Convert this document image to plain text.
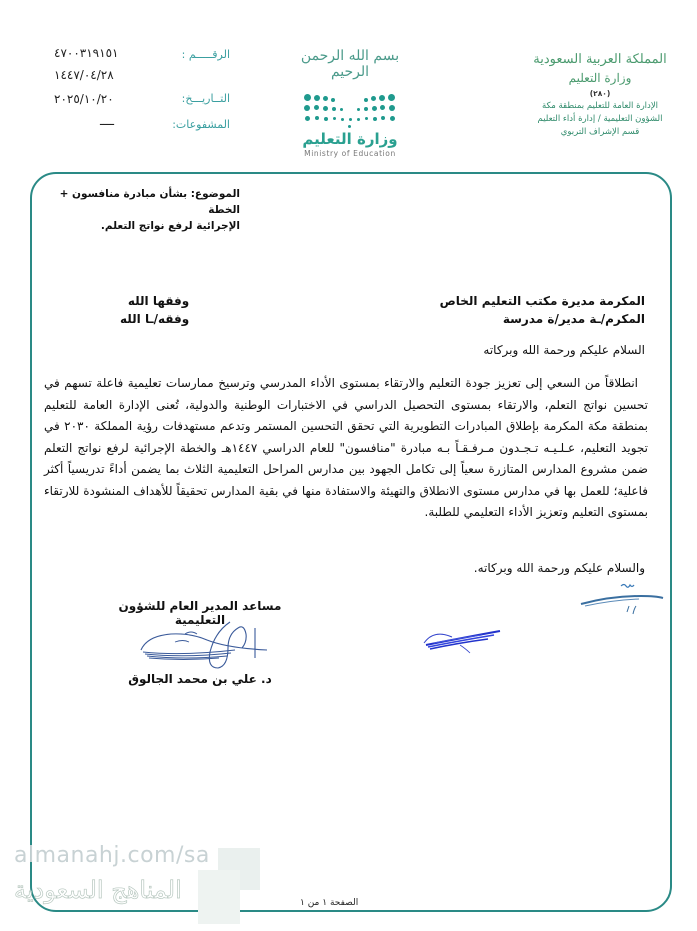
الرقـــــم :
٤٧٠٠٣١٩١٥١
التــاريـــخ:
١٤٤٧/٠٤/٢٨
٢٠٢٥/١٠/٢٠
المشفوعات:
ــــ
بسم الله الرحمن الرحيم
وزارة التعليم
Ministry of Education
المملكة العربية السعودية
وزارة التعليم
(٢٨٠)
الإدارة العامة للتعليم بمنطقة مكة
الشؤون التعليمية / إدارة أداء التعليم
قسم الإشراف التربوي
الموضوع: بشأن مبادرة منافسون + الخطة
الإجرائية لرفع نواتج التعلم.
المكرمة مديرة مكتب التعليم الخاص
المكرم/ـة مدير/ة مدرسة
وفقها الله
وفقه/ـا الله
السلام عليكم ورحمة الله وبركاته
انطلاقاً من السعي إلى تعزيز جودة التعليم والارتقاء بمستوى الأداء المدرسي وترسيخ ممارسات تعليمية فاعلة تسهم في تحسين نواتج التعلم، والارتقاء بمستوى التحصيل الدراسي في الاختبارات الوطنية والدولية، تُعنى الإدارة العامة للتعليم بمنطقة مكة المكرمة بإطلاق المبادرات التطويرية التي تحقق التحسين المستمر وتدعم مستهدفات رؤية المملكة ٢٠٣٠ في تجويد التعليم، عـلـيـه تـجـدون مـرفـقـاً بـه مبادرة "منافسون" للعام الدراسي ١٤٤٧هـ والخطة الإجرائية لرفع نواتج التعلم ضمن مشروع المدارس المتازرة سعياً إلى تكامل الجهود بين مدارس المراحل التعليمية الثلاث بما يضمن أداءً تدريسياً أكثر فاعلية؛ للعمل بها في مدارس مستوى الانطلاق والتهيئة والاستفادة منها في بقية المدارس تحقيقاً للأهداف المنشودة للارتقاء بمستوى التعليم وتعزيز الأداء التعليمي للطلبة.
والسلام عليكم ورحمة الله وبركاته.
مساعد المدير العام للشؤون التعليمية
د. علي بن محمد الجالوق
almanahj.com/sa
المناهج السعودية	الصفحة ١ من ١
